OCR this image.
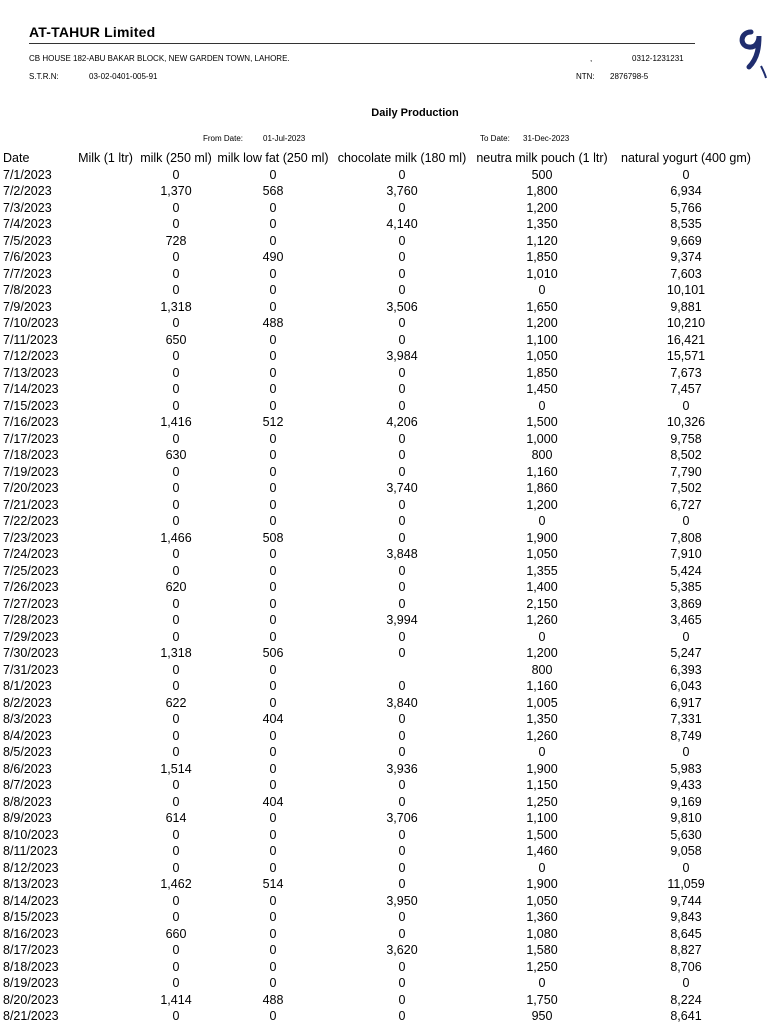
AT-TAHUR Limited
CB HOUSE 182-ABU BAKAR BLOCK, NEW GARDEN TOWN, LAHORE.	,	0312-1231231
S.T.R.N:	03-02-0401-005-91	NTN: 2876798-5
Daily Production
From Date: 01-Jul-2023	To Date: 31-Dec-2023
Date	Milk (1 ltr)	milk (250 ml)	milk low fat (250 ml)	chocolate milk (180 ml)	neutra milk pouch (1 ltr)	natural yogurt (400 gm)
7/1/2023		0	0	0	500	0
7/2/2023		1,370	568	3,760	1,800	6,934
7/3/2023		0	0	0	1,200	5,766
7/4/2023		0	0	4,140	1,350	8,535
7/5/2023		728	0	0	1,120	9,669
7/6/2023		0	490	0	1,850	9,374
7/7/2023		0	0	0	1,010	7,603
7/8/2023		0	0	0	0	10,101
7/9/2023		1,318	0	3,506	1,650	9,881
7/10/2023		0	488	0	1,200	10,210
7/11/2023		650	0	0	1,100	16,421
7/12/2023		0	0	3,984	1,050	15,571
7/13/2023		0	0	0	1,850	7,673
7/14/2023		0	0	0	1,450	7,457
7/15/2023		0	0	0	0	0
7/16/2023		1,416	512	4,206	1,500	10,326
7/17/2023		0	0	0	1,000	9,758
7/18/2023		630	0	0	800	8,502
7/19/2023		0	0	0	1,160	7,790
7/20/2023		0	0	3,740	1,860	7,502
7/21/2023		0	0	0	1,200	6,727
7/22/2023		0	0	0	0	0
7/23/2023		1,466	508	0	1,900	7,808
7/24/2023		0	0	3,848	1,050	7,910
7/25/2023		0	0	0	1,355	5,424
7/26/2023		620	0	0	1,400	5,385
7/27/2023		0	0	0	2,150	3,869
7/28/2023		0	0	3,994	1,260	3,465
7/29/2023		0	0	0	0	0
7/30/2023		1,318	506	0	1,200	5,247
7/31/2023		0	0		800	6,393
8/1/2023		0	0	0	1,160	6,043
8/2/2023		622	0	3,840	1,005	6,917
8/3/2023		0	404	0	1,350	7,331
8/4/2023		0	0	0	1,260	8,749
8/5/2023		0	0	0	0	0
8/6/2023		1,514	0	3,936	1,900	5,983
8/7/2023		0	0	0	1,150	9,433
8/8/2023		0	404	0	1,250	9,169
8/9/2023		614	0	3,706	1,100	9,810
8/10/2023		0	0	0	1,500	5,630
8/11/2023		0	0	0	1,460	9,058
8/12/2023		0	0	0	0	0
8/13/2023		1,462	514	0	1,900	11,059
8/14/2023		0	0	3,950	1,050	9,744
8/15/2023		0	0	0	1,360	9,843
8/16/2023		660	0	0	1,080	8,645
8/17/2023		0	0	3,620	1,580	8,827
8/18/2023		0	0	0	1,250	8,706
8/19/2023		0	0	0	0	0
8/20/2023		1,414	488	0	1,750	8,224
8/21/2023		0	0	0	950	8,641
